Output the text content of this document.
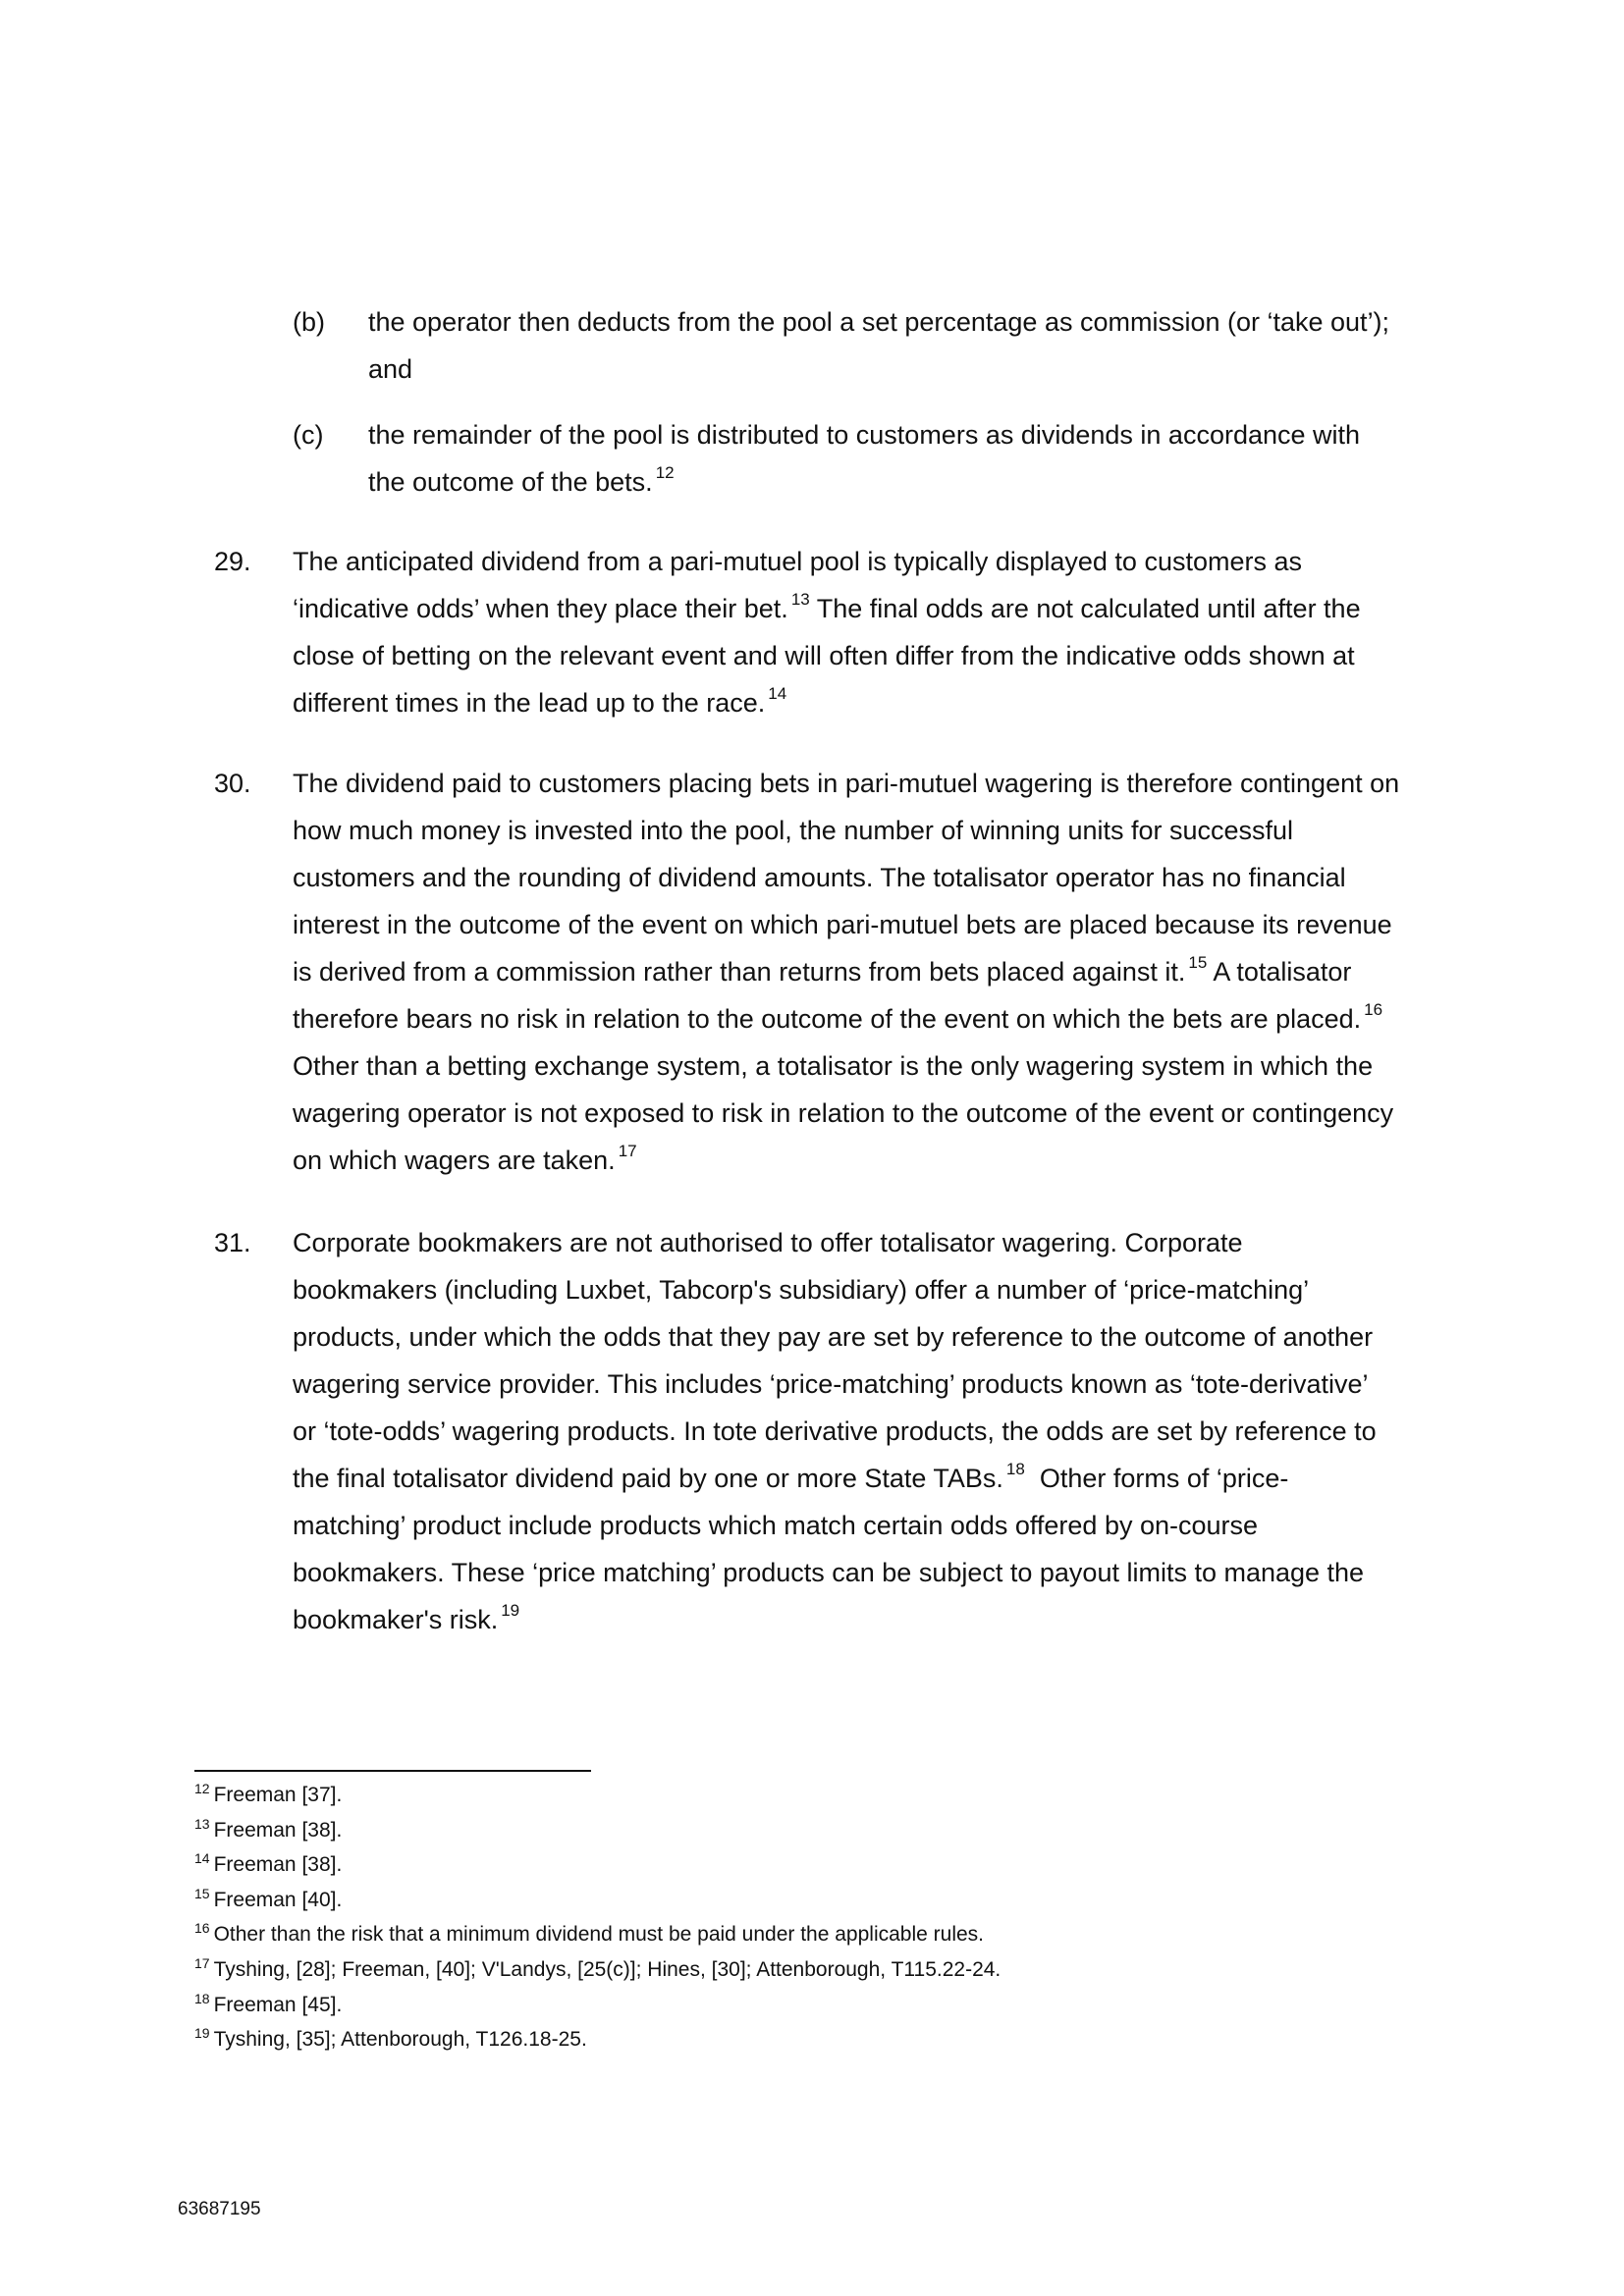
(b) the operator then deducts from the pool a set percentage as commission (or ‘take out’);
and
(c) the remainder of the pool is distributed to customers as dividends in accordance with
the outcome of the bets. $^{12}$
29. The anticipated dividend from a pari-mutuel pool is typically displayed to customers as
‘indicative odds’ when they place their bet. $^{13}$ The final odds are not calculated until after the
close of betting on the relevant event and will often differ from the indicative odds shown at
different times in the lead up to the race. $^{14}$
30. The dividend paid to customers placing bets in pari-mutuel wagering is therefore contingent on
how much money is invested into the pool, the number of winning units for successful
customers and the rounding of dividend amounts. The totalisator operator has no financial
interest in the outcome of the event on which pari-mutuel bets are placed because its revenue
is derived from a commission rather than returns from bets placed against it. $^{15}$ A totalisator
therefore bears no risk in relation to the outcome of the event on which the bets are placed. $^{16}$
Other than a betting exchange system, a totalisator is the only wagering system in which the
wagering operator is not exposed to risk in relation to the outcome of the event or contingency
on which wagers are taken. $^{17}$
31. Corporate bookmakers are not authorised to offer totalisator wagering. Corporate
bookmakers (including Luxbet, Tabcorp's subsidiary) offer a number of ‘price-matching’
products, under which the odds that they pay are set by reference to the outcome of another
wagering service provider. This includes ‘price-matching’ products known as ‘tote-derivative’
or ‘tote-odds’ wagering products. In tote derivative products, the odds are set by reference to
the final totalisator dividend paid by one or more State TABs. $^{18}$  Other forms of ‘price-
matching’ product include products which match certain odds offered by on-course
bookmakers. These ‘price matching’ products can be subject to payout limits to manage the
bookmaker's risk. $^{19}$
$^{12}$ Freeman [37].
$^{13}$ Freeman [38].
$^{14}$ Freeman [38].
$^{15}$ Freeman [40].
$^{16}$ Other than the risk that a minimum dividend must be paid under the applicable rules.
$^{17}$ Tyshing, [28]; Freeman, [40]; V'Landys, [25(c)]; Hines, [30]; Attenborough, T115.22-24.
$^{18}$ Freeman [45].
$^{19}$ Tyshing, [35]; Attenborough, T126.18-25.
63687195
